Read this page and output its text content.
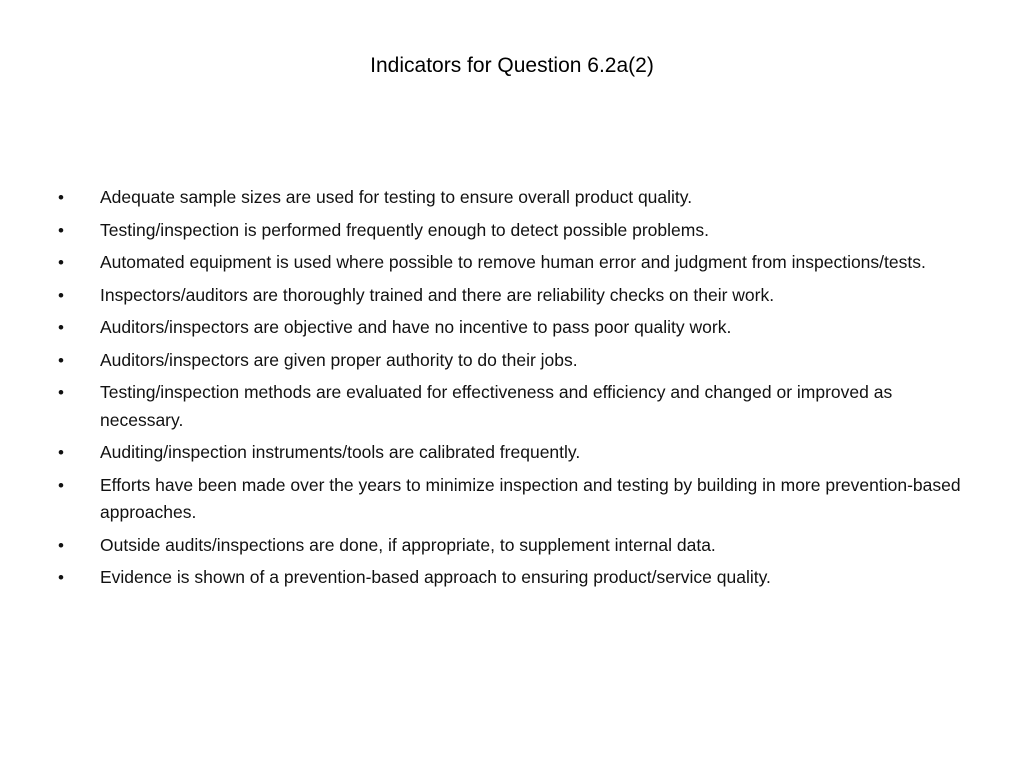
Indicators for Question 6.2a(2)
•	Adequate sample sizes are used for testing to ensure overall product quality.
•	Testing/inspection is performed frequently enough to detect possible problems.
•	Automated equipment is used where possible to remove human error and judgment from inspections/tests.
•	Inspectors/auditors are thoroughly trained and there are reliability checks on their work.
•	Auditors/inspectors are objective and have no incentive to pass poor quality work.
•	Auditors/inspectors are given proper authority to do their jobs.
•	Testing/inspection methods are evaluated for effectiveness and efficiency and changed or improved as necessary.
•	Auditing/inspection instruments/tools are calibrated frequently.
•	Efforts have been made over the years to minimize inspection and testing by building in more prevention-based approaches.
•	Outside audits/inspections are done, if appropriate, to supplement internal data.
•	Evidence is shown of a prevention-based approach to ensuring product/service quality.
